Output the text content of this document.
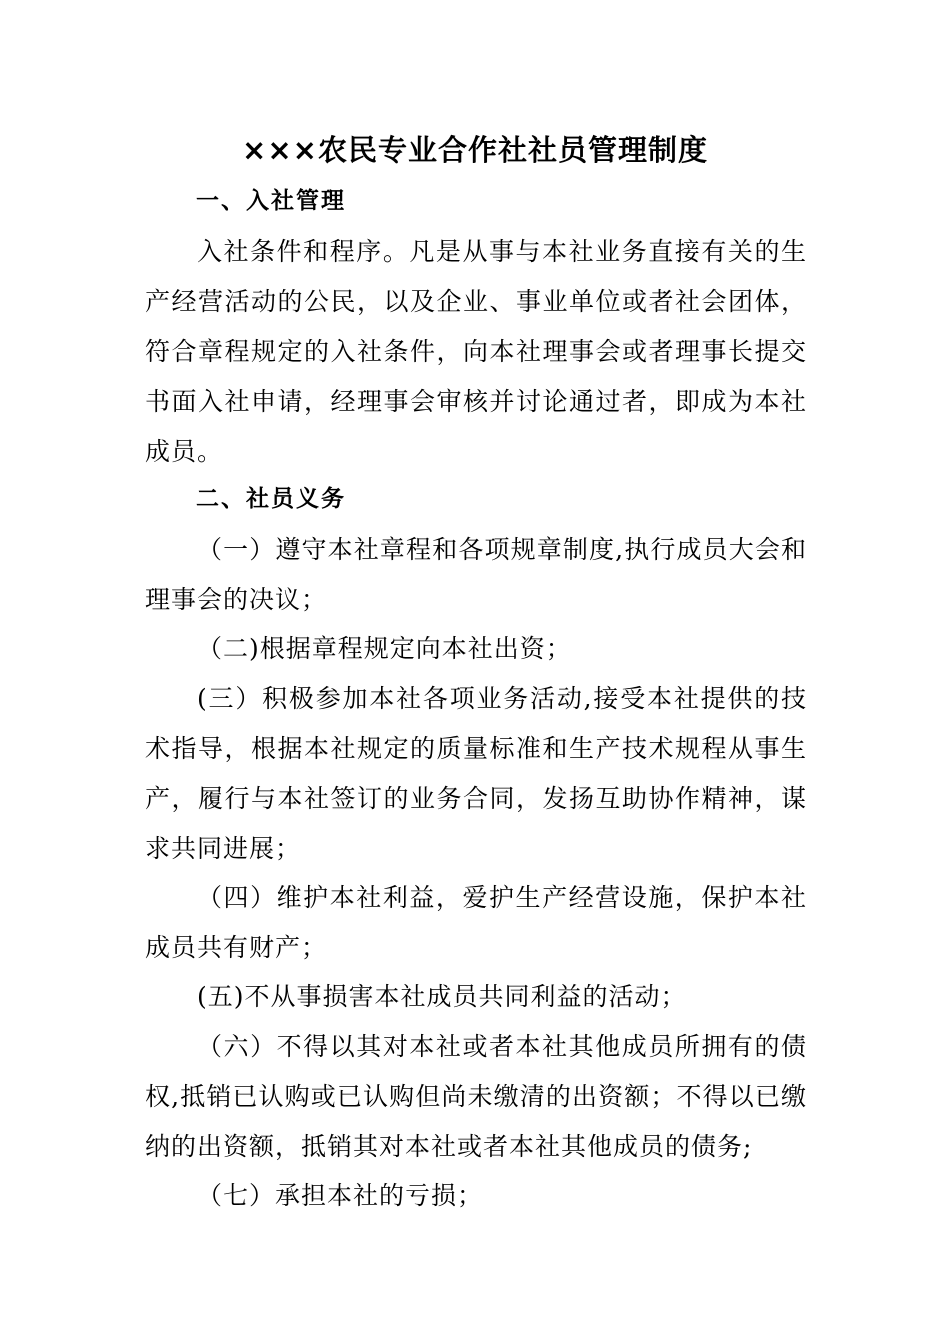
×××农民专业合作社社员管理制度
一、入社管理

入社条件和程序。凡是从事与本社业务直接有关的生产经营活动的公民，以及企业、事业单位或者社会团体，符合章程规定的入社条件，向本社理事会或者理事长提交书面入社申请，经理事会审核并讨论通过者，即成为本社成员。

二、社员义务

（一）遵守本社章程和各项规章制度,执行成员大会和理事会的决议；

（二)根据章程规定向本社出资；

(三）积极参加本社各项业务活动,接受本社提供的技术指导，根据本社规定的质量标准和生产技术规程从事生产，履行与本社签订的业务合同，发扬互助协作精神，谋求共同进展；

（四）维护本社利益，爱护生产经营设施，保护本社成员共有财产；

(五)不从事损害本社成员共同利益的活动；

（六）不得以其对本社或者本社其他成员所拥有的债权,抵销已认购或已认购但尚未缴清的出资额；不得以已缴纳的出资额，抵销其对本社或者本社其他成员的债务;

（七）承担本社的亏损；
